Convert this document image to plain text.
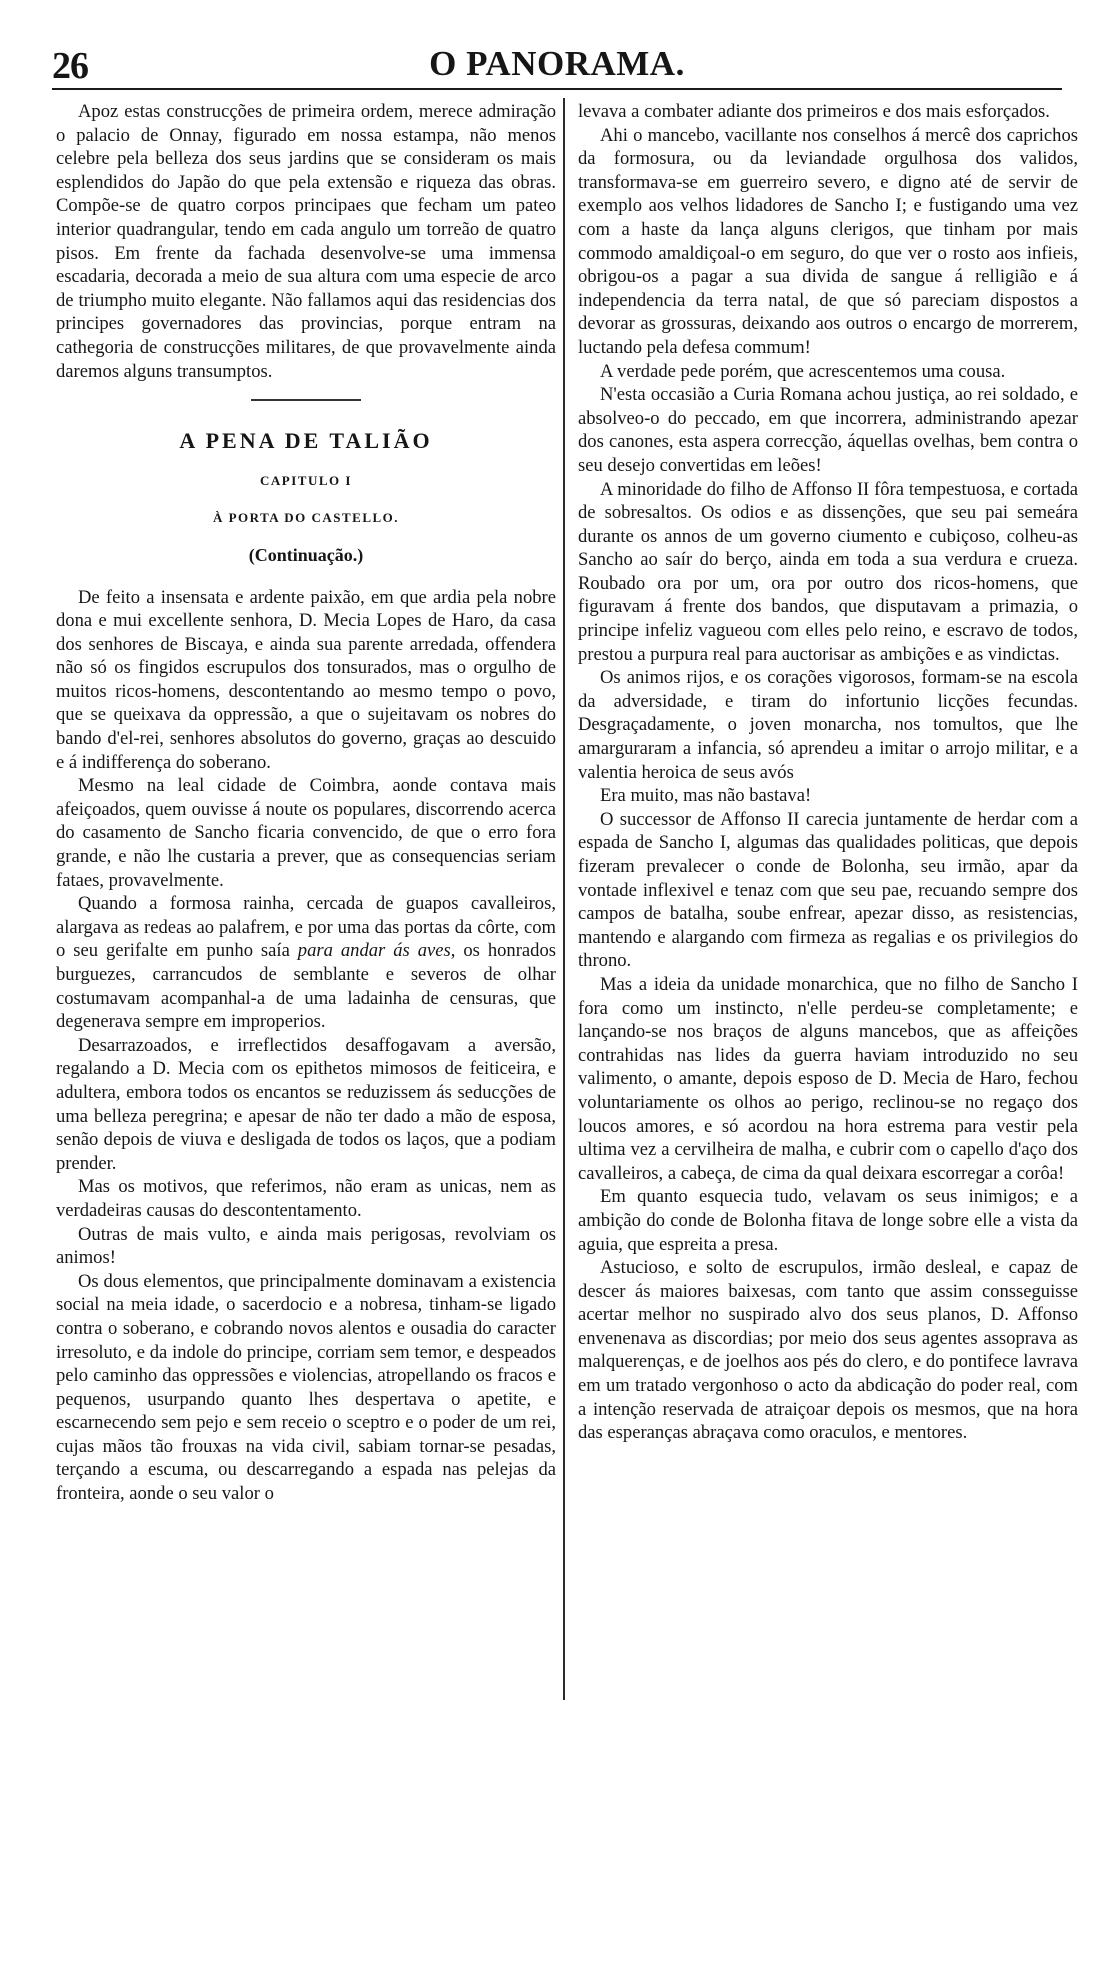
26	O PANORAMA.

Apoz estas construcções de primeira ordem, merece admiração o palacio de Onnay, figurado em nossa estampa, não menos celebre pela belleza dos seus jardins que se consideram os mais esplendidos do Japão do que pela extensão e riqueza das obras. Compõe-se de quatro corpos principaes que fecham um pateo interior quadrangular, tendo em cada angulo um torreão de quatro pisos. Em frente da fachada desenvolve-se uma immensa escadaria, decorada a meio de sua altura com uma especie de arco de triumpho muito elegante. Não fallamos aqui das residencias dos principes governadores das provincias, porque entram na cathegoria de construcções militares, de que provavelmente ainda daremos alguns transumptos.

A PENA DE TALIÃO
CAPITULO I
À PORTA DO CASTELLO.
(Continuação.)

De feito a insensata e ardente paixão, em que ardia pela nobre dona e mui excellente senhora, D. Mecia Lopes de Haro, da casa dos senhores de Biscaya, e ainda sua parente arredada, offendera não só os fingidos escrupulos dos tonsurados, mas o orgulho de muitos ricos-homens, descontentando ao mesmo tempo o povo, que se queixava da oppressão, a que o sujeitavam os nobres do bando d'el-rei, senhores absolutos do governo, graças ao descuido e á indifferença do soberano.

Mesmo na leal cidade de Coimbra, aonde contava mais afeiçoados, quem ouvisse á noute os populares, discorrendo acerca do casamento de Sancho ficaria convencido, de que o erro fora grande, e não lhe custaria a prever, que as consequencias seriam fataes, provavelmente.

Quando a formosa rainha, cercada de guapos cavalleiros, alargava as redeas ao palafrem, e por uma das portas da côrte, com o seu gerifalte em punho saía para andar ás aves, os honrados burguezes, carrancudos de semblante e severos de olhar costumavam acompanhal-a de uma ladainha de censuras, que degenerava sempre em improperios.

Desarrazoados, e irreflectidos desaffogavam a aversão, regalando a D. Mecia com os epithetos mimosos de feiticeira, e adultera, embora todos os encantos se reduzissem ás seducções de uma belleza peregrina; e apesar de não ter dado a mão de esposa, senão depois de viuva e desligada de todos os laços, que a podiam prender.

Mas os motivos, que referimos, não eram as unicas, nem as verdadeiras causas do descontentamento.

Outras de mais vulto, e ainda mais perigosas, revolviam os animos!

Os dous elementos, que principalmente dominavam a existencia social na meia idade, o sacerdocio e a nobresa, tinham-se ligado contra o soberano, e cobrando novos alentos e ousadia do caracter irresoluto, e da indole do principe, corriam sem temor, e despeados pelo caminho das oppressões e violencias, atropellando os fracos e pequenos, usurpando quanto lhes despertava o apetite, e escarnecendo sem pejo e sem receio o sceptro e o poder de um rei, cujas mãos tão frouxas na vida civil, sabiam tornar-se pesadas, terçando a escuma, ou descarregando a espada nas pelejas da fronteira, aonde o seu valor o

levava a combater adiante dos primeiros e dos mais esforçados.

Ahi o mancebo, vacillante nos conselhos á mercê dos caprichos da formosura, ou da leviandade orgulhosa dos validos, transformava-se em guerreiro severo, e digno até de servir de exemplo aos velhos lidadores de Sancho I; e fustigando uma vez com a haste da lança alguns clerigos, que tinham por mais commodo amaldiçoal-o em seguro, do que ver o rosto aos infieis, obrigou-os a pagar a sua divida de sangue á relligião e á independencia da terra natal, de que só pareciam dispostos a devorar as grossuras, deixando aos outros o encargo de morrerem, luctando pela defesa commum!

A verdade pede porém, que acrescentemos uma cousa.

N'esta occasião a Curia Romana achou justiça, ao rei soldado, e absolveo-o do peccado, em que incorrera, administrando apezar dos canones, esta aspera correcção, áquellas ovelhas, bem contra o seu desejo convertidas em leões!

A minoridade do filho de Affonso II fôra tempestuosa, e cortada de sobresaltos. Os odios e as dissenções, que seu pai semeára durante os annos de um governo ciumento e cubiçoso, colheu-as Sancho ao saír do berço, ainda em toda a sua verdura e crueza. Roubado ora por um, ora por outro dos ricos-homens, que figuravam á frente dos bandos, que disputavam a primazia, o principe infeliz vagueou com elles pelo reino, e escravo de todos, prestou a purpura real para auctorisar as ambições e as vindictas.

Os animos rijos, e os corações vigorosos, formam-se na escola da adversidade, e tiram do infortunio licções fecundas. Desgraçadamente, o joven monarcha, nos tomultos, que lhe amarguraram a infancia, só aprendeu a imitar o arrojo militar, e a valentia heroica de seus avós

Era muito, mas não bastava!

O successor de Affonso II carecia juntamente de herdar com a espada de Sancho I, algumas das qualidades politicas, que depois fizeram prevalecer o conde de Bolonha, seu irmão, apar da vontade inflexivel e tenaz com que seu pae, recuando sempre dos campos de batalha, soube enfrear, apezar disso, as resistencias, mantendo e alargando com firmeza as regalias e os privilegios do throno.

Mas a ideia da unidade monarchica, que no filho de Sancho I fora como um instincto, n'elle perdeu-se completamente; e lançando-se nos braços de alguns mancebos, que as affeições contrahidas nas lides da guerra haviam introduzido no seu valimento, o amante, depois esposo de D. Mecia de Haro, fechou voluntariamente os olhos ao perigo, reclinou-se no regaço dos loucos amores, e só acordou na hora estrema para vestir pela ultima vez a cervilheira de malha, e cubrir com o capello d'aço dos cavalleiros, a cabeça, de cima da qual deixara escorregar a corôa!

Em quanto esquecia tudo, velavam os seus inimigos; e a ambição do conde de Bolonha fitava de longe sobre elle a vista da aguia, que espreita a presa.

Astucioso, e solto de escrupulos, irmão desleal, e capaz de descer ás maiores baixesas, com tanto que assim consseguisse acertar melhor no suspirado alvo dos seus planos, D. Affonso envenenava as discordias; por meio dos seus agentes assoprava as malquerenças, e de joelhos aos pés do clero, e do pontifece lavrava em um tratado vergonhoso o acto da abdicação do poder real, com a intenção reservada de atraiçoar depois os mesmos, que na hora das esperanças abraçava como oraculos, e mentores.
